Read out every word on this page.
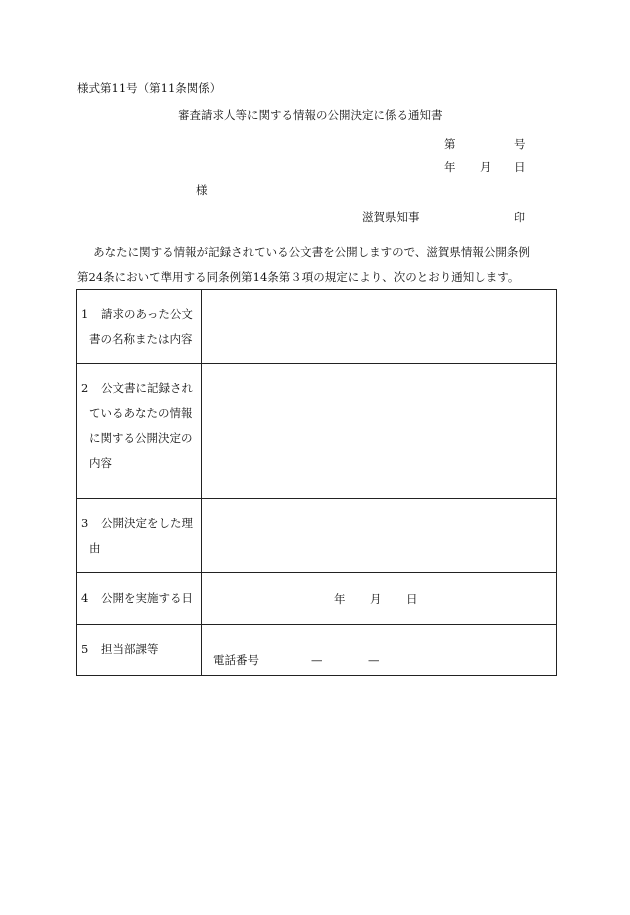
様式第11号（第11条関係）
審査請求人等に関する情報の公開決定に係る通知書
第	号
年 月 日
様
滋賀県知事	印

あなたに関する情報が記録されている公文書を公開しますので、滋賀県情報公開条例

第24条において準用する同条例第14条第３項の規定により、次のとおり通知します。

1 請求のあった公文
書の名称または内容	

2 公文書に記録され
ているあなたの情報
に関する公開決定の
内容	

3 公開決定をした理
由	

4 公開を実施する日	年 月 日

5 担当部課等	電話番号 — —
